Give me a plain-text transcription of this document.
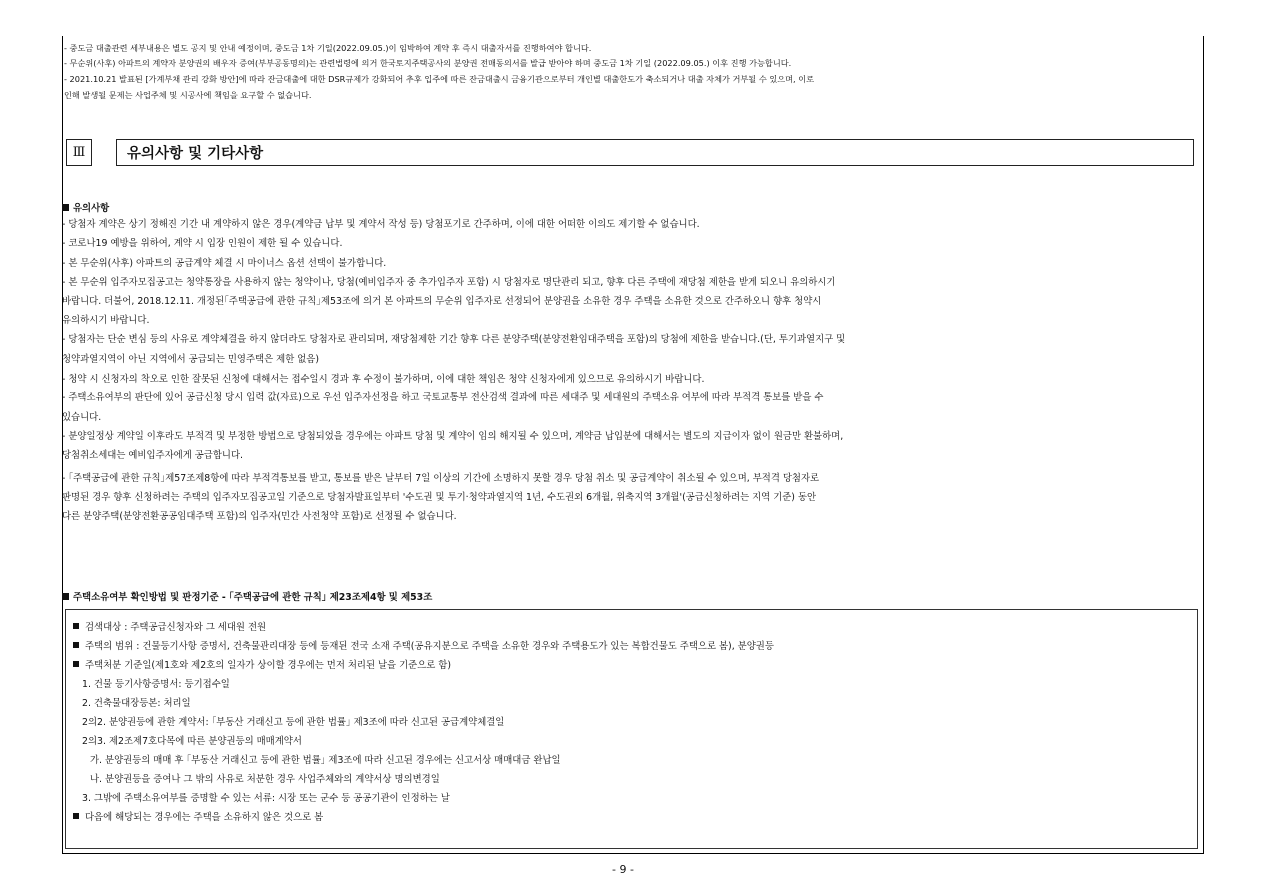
- 중도금 대출관련 세부내용은 별도 공지 및 안내 예정이며, 중도금 1차 기일(2022.09.05.)이 임박하여 계약 후 즉시 대출자서를 진행하여야 합니다.
- 무순위(사후) 아파트의 계약자 분양권의 배우자 증여(부부공동명의)는 관련법령에 의거 한국토지주택공사의 분양권 전매동의서를 발급 받아야 하며 중도금 1차 기일 (2022.09.05.) 이후 진행 가능합니다.
- 2021.10.21 발표된 [가계부채 관리 강화 방안]에 따라 잔금대출에 대한 DSR규제가 강화되어 추후 입주에 따른 잔금대출시 금융기관으로부터 개인별 대출한도가 축소되거나 대출 자체가 거부될 수 있으며, 이로
인해 발생될 문제는 사업주체 및 시공사에 책임을 요구할 수 없습니다.
Ⅲ	유의사항 및 기타사항
유의사항
- 당첨자 계약은 상기 정해진 기간 내 계약하지 않은 경우(계약금 납부 및 계약서 작성 등) 당첨포기로 간주하며, 이에 대한 어떠한 이의도 제기할 수 없습니다.
- 코로나19 예방을 위하여, 계약 시 입장 인원이 제한 될 수 있습니다.
- 본 무순위(사후) 아파트의 공급계약 체결 시 마이너스 옵션 선택이 불가합니다.
- 본 무순위 입주자모집공고는 청약통장을 사용하지 않는 청약이나, 당첨(예비입주자 중 추가입주자 포함) 시 당첨자로 명단관리 되고, 향후 다른 주택에 재당첨 제한을 받게 되오니 유의하시기
바랍니다. 더불어, 2018.12.11. 개정된｢주택공급에 관한 규칙｣제53조에 의거 본 아파트의 무순위 입주자로 선정되어 분양권을 소유한 경우 주택을 소유한 것으로 간주하오니 향후 청약시
유의하시기 바랍니다.
- 당첨자는 단순 변심 등의 사유로 계약체결을 하지 않더라도 당첨자로 관리되며, 재당첨제한 기간 향후 다른 분양주택(분양전환임대주택을 포함)의 당첨에 제한을 받습니다.(단, 투기과열지구 및
청약과열지역이 아닌 지역에서 공급되는 민영주택은 제한 없음)
- 청약 시 신청자의 착오로 인한 잘못된 신청에 대해서는 접수일시 경과 후 수정이 불가하며, 이에 대한 책임은 청약 신청자에게 있으므로 유의하시기 바랍니다.
- 주택소유여부의 판단에 있어 공급신청 당시 입력 값(자료)으로 우선 입주자선정을 하고 국토교통부 전산검색 결과에 따른 세대주 및 세대원의 주택소유 여부에 따라 부적격 통보를 받을 수
있습니다.
- 분양일정상 계약일 이후라도 부적격 및 부정한 방법으로 당첨되었을 경우에는 아파트 당첨 및 계약이 임의 해지될 수 있으며, 계약금 납입분에 대해서는 별도의 지급이자 없이 원금만 환불하며,
당첨취소세대는 예비입주자에게 공급합니다.
- ｢주택공급에 관한 규칙｣제57조제8항에 따라 부적격통보를 받고, 통보를 받은 날부터 7일 이상의 기간에 소명하지 못할 경우 당첨 취소 및 공급계약이 취소될 수 있으며, 부적격 당첨자로
판명된 경우 향후 신청하려는 주택의 입주자모집공고일 기준으로 당첨자발표일부터 '수도권 및 투기·청약과열지역 1년, 수도권외 6개월, 위축지역 3개월'(공급신청하려는 지역 기준) 동안
다른 분양주택(분양전환공공임대주택 포함)의 입주자(민간 사전청약 포함)로 선정될 수 없습니다.
주택소유여부 확인방법 및 판정기준 - ｢주택공급에 관한 규칙｣ 제23조제4항 및 제53조
검색대상 : 주택공급신청자와 그 세대원 전원
주택의 범위 : 건물등기사항 증명서, 건축물관리대장 등에 등재된 전국 소재 주택(공유지분으로 주택을 소유한 경우와 주택용도가 있는 복합건물도 주택으로 봄), 분양권등
주택처분 기준일(제1호와 제2호의 일자가 상이할 경우에는 먼저 처리된 날을 기준으로 함)
1. 건물 등기사항증명서: 등기접수일
2. 건축물대장등본: 처리일
2의2. 분양권등에 관한 계약서: ｢부동산 거래신고 등에 관한 법률｣ 제3조에 따라 신고된 공급계약체결일
2의3. 제2조제7호다목에 따른 분양권등의 매매계약서
가. 분양권등의 매매 후 ｢부동산 거래신고 등에 관한 법률｣ 제3조에 따라 신고된 경우에는 신고서상 매매대금 완납일
나. 분양권등을 증여나 그 밖의 사유로 처분한 경우 사업주체와의 계약서상 명의변경일
3. 그밖에 주택소유여부를 증명할 수 있는 서류: 시장 또는 군수 등 공공기관이 인정하는 날
다음에 해당되는 경우에는 주택을 소유하지 않은 것으로 봄
- 9 -
